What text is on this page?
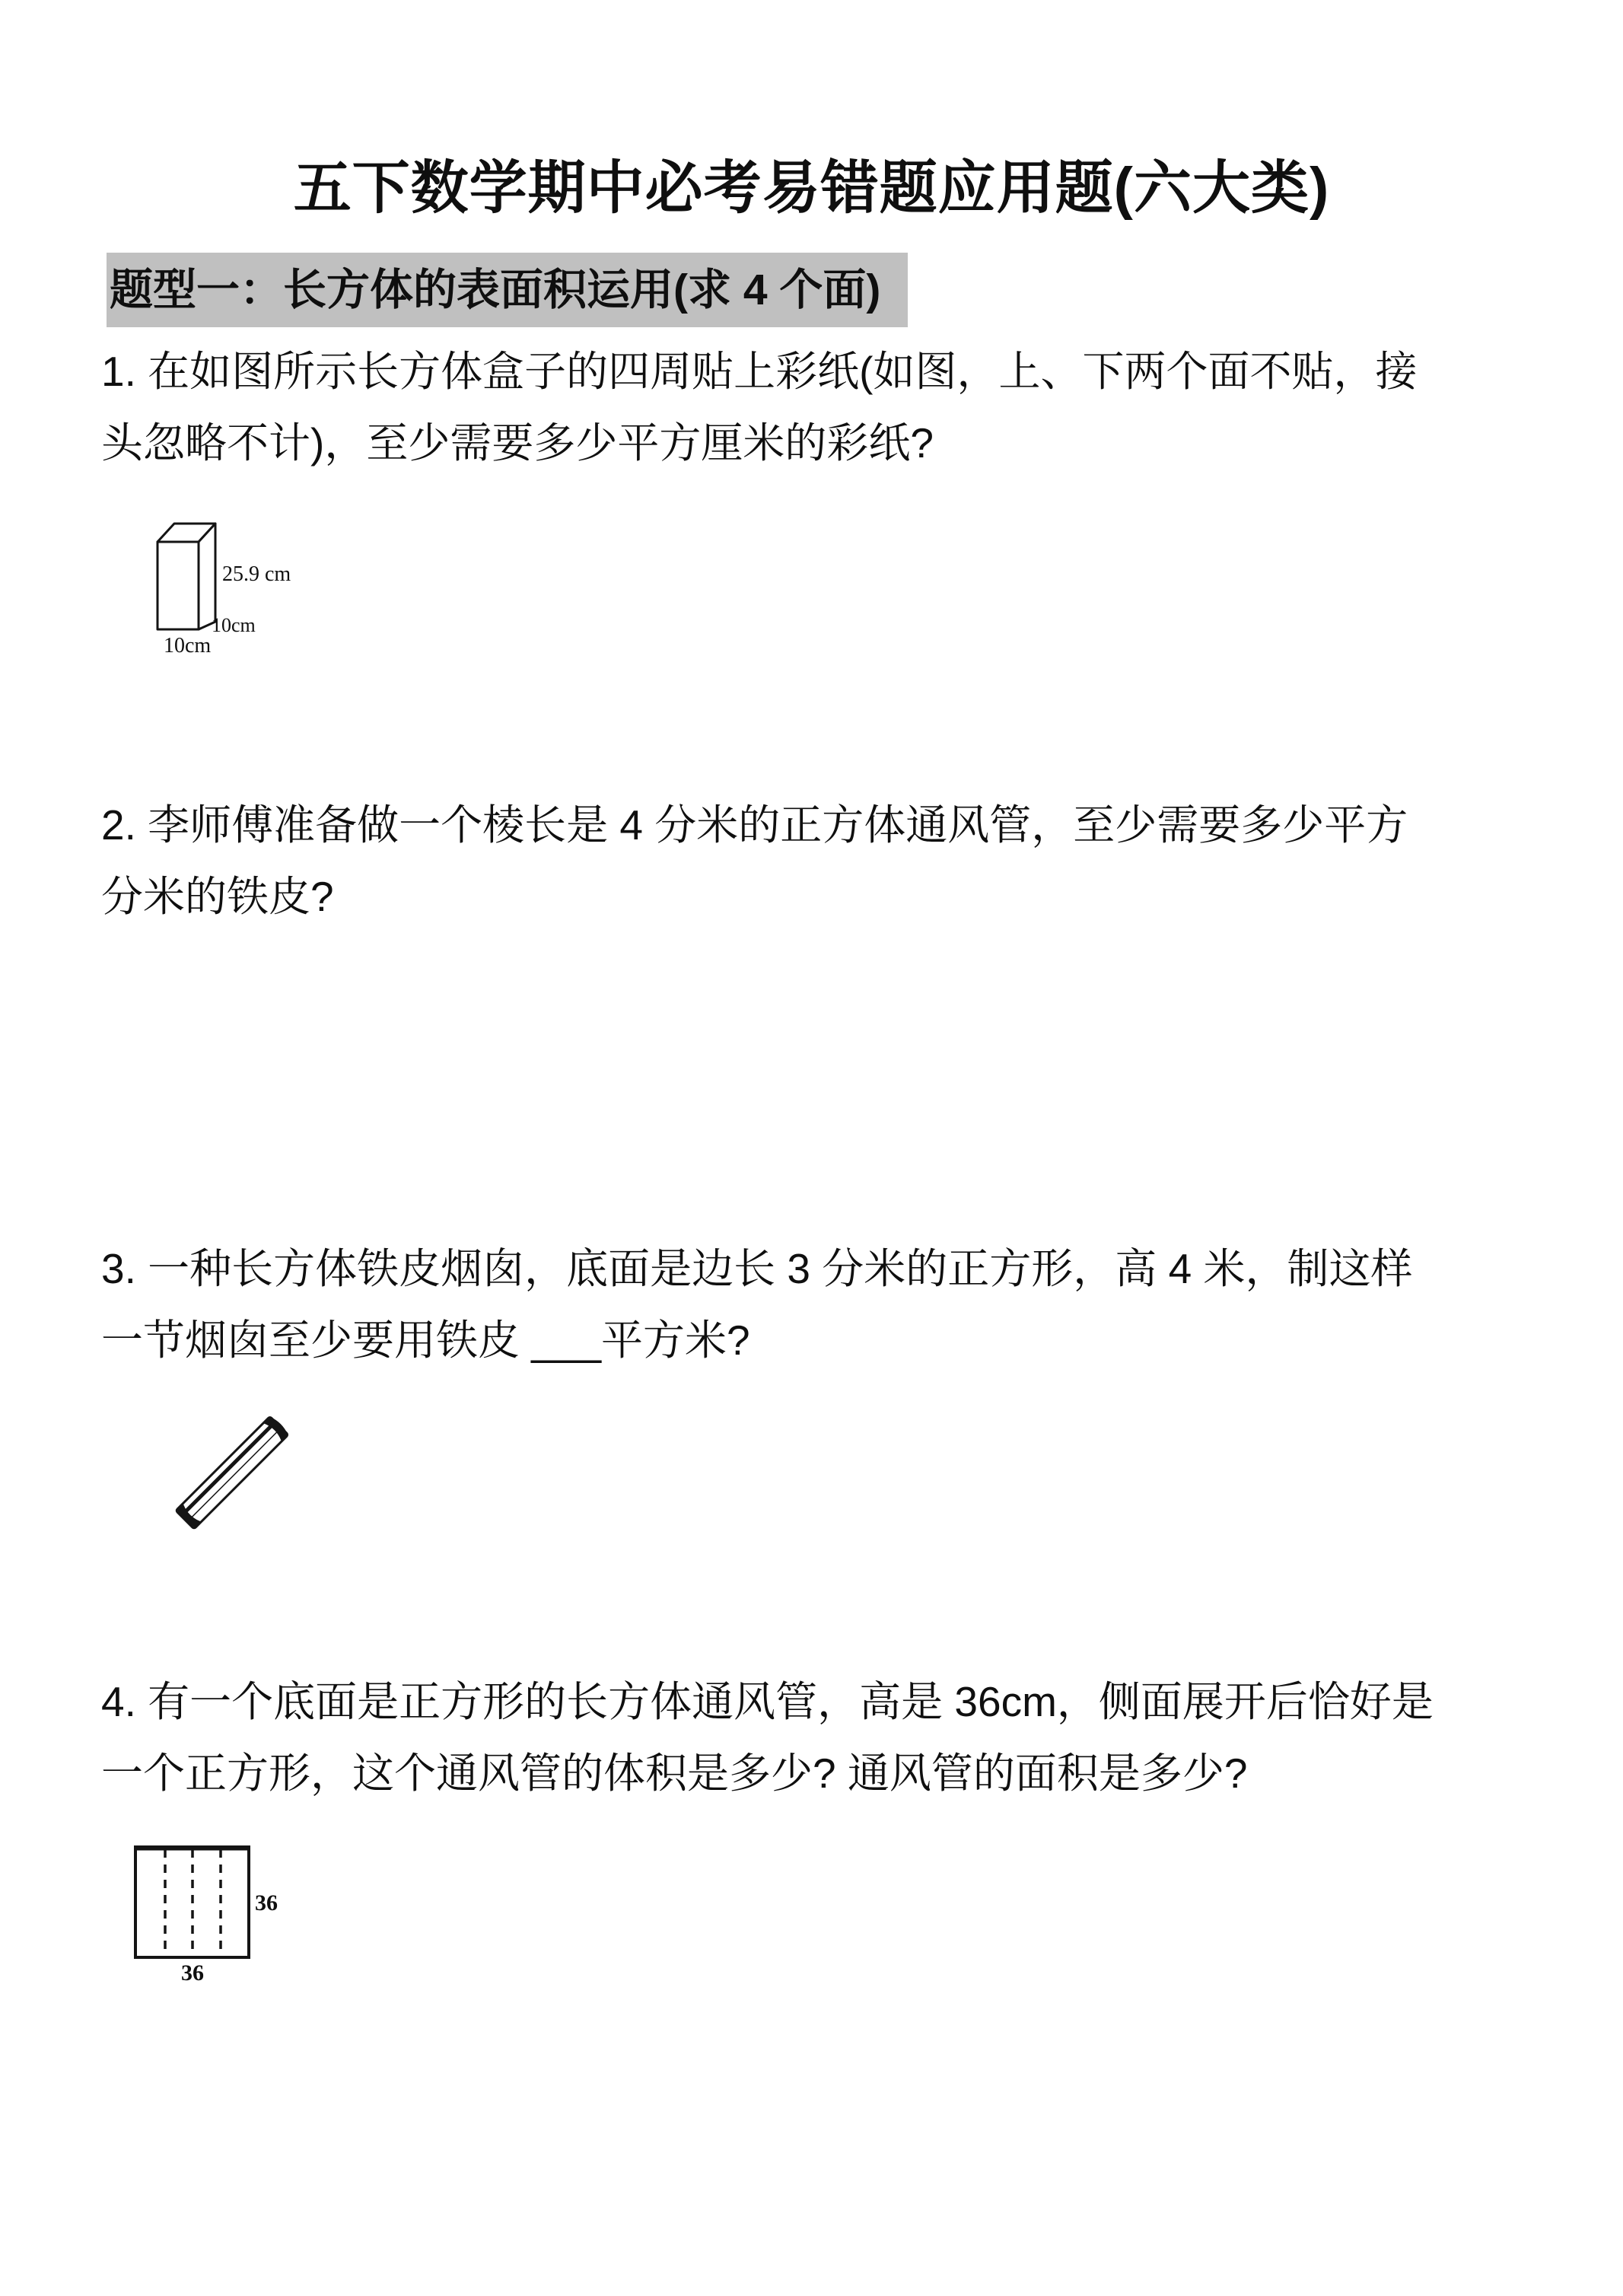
五下数学期中必考易错题应用题(六大类)
题型一：长方体的表面积运用(求 4 个面)
1. 在如图所示长方体盒子的四周贴上彩纸(如图，上、下两个面不贴，接
头忽略不计)，至少需要多少平方厘米的彩纸?
25.9 cm
10cm
10cm
2. 李师傅准备做一个棱长是 4 分米的正方体通风管，至少需要多少平方
分米的铁皮?
3. 一种长方体铁皮烟囱，底面是边长 3 分米的正方形，高 4 米，制这样
一节烟囱至少要用铁皮 ___平方米?
4. 有一个底面是正方形的长方体通风管，高是 36cm，侧面展开后恰好是
一个正方形，这个通风管的体积是多少? 通风管的面积是多少?
36
36
